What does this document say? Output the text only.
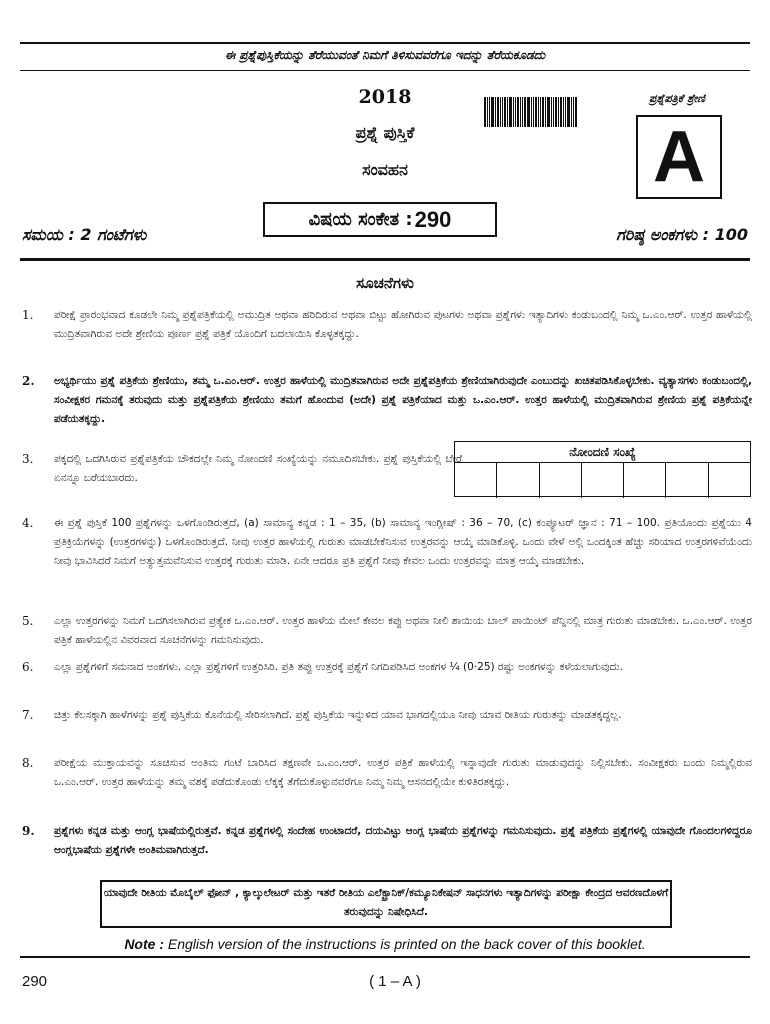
ಈ ಪ್ರಶ್ನೆಪುಸ್ತಿಕೆಯನ್ನು ತೆರೆಯುವಂತೆ ನಿಮಗೆ ತಿಳಿಸುವವರೆಗೂ ಇದನ್ನು ತೆರೆಯಕೂಡದು
2018
ಪ್ರಶ್ನೆ ಪುಸ್ತಿಕೆ
ಸಂವಹನ
ಪ್ರಶ್ನೆಪತ್ರಿಕೆ ಶ್ರೇಣಿ
A
ಸಮಯ : 2 ಗಂಟೆಗಳು
ವಿಷಯ ಸಂಕೇತ : 290
ಗರಿಷ್ಠ ಅಂಕಗಳು : 100
ಸೂಚನೆಗಳು
1. ಪರೀಕ್ಷೆ ಪ್ರಾರಂಭವಾದ ಕೂಡಲೇ ನಿಮ್ಮ ಪ್ರಶ್ನೆಪತ್ರಿಕೆಯಲ್ಲಿ ಅಮುದ್ರಿತ ಅಥವಾ ಹರಿದಿರುವ ಅಥವಾ ಬಿಟ್ಟು ಹೋಗಿರುವ ಪುಟಗಳು ಅಥವಾ ಪ್ರಶ್ನೆಗಳು ಇತ್ಯಾದಿಗಳು ಕಂಡುಬಂದಲ್ಲಿ ನಿಮ್ಮ ಒ.ಎಂ.ಆರ್. ಉತ್ತರ ಹಾಳೆಯಲ್ಲಿ ಮುದ್ರಿತವಾಗಿರುವ ಅದೇ ಶ್ರೇಣಿಯ ಪೂರ್ಣ ಪ್ರಶ್ನೆ ಪತ್ರಿಕೆ ಯೊಂದಿಗೆ ಬದಲಾಯಿಸಿ ಕೊಳ್ಳತಕ್ಕದ್ದು.
2. ಅಭ್ಯರ್ಥಿಯು ಪ್ರಶ್ನೆ ಪತ್ರಿಕೆಯ ಶ್ರೇಣಿಯು, ತಮ್ಮ ಒ.ಎಂ.ಆರ್. ಉತ್ತರ ಹಾಳೆಯಲ್ಲಿ ಮುದ್ರಿತವಾಗಿರುವ ಅದೇ ಪ್ರಶ್ನೆಪತ್ರಿಕೆಯ ಶ್ರೇಣಿಯಾಗಿರುವುದೇ ಎಂಬುದನ್ನು ಖಚಿತಪಡಿಸಿಕೊಳ್ಳಬೇಕು. ವ್ಯತ್ಯಾಸಗಳು ಕಂಡುಬಂದಲ್ಲಿ, ಸಂವೀಕ್ಷಕರ ಗಮನಕ್ಕೆ ತರುವುದು ಮತ್ತು ಪ್ರಶ್ನೆಪತ್ರಿಕೆಯ ಶ್ರೇಣಿಯು ತಮಗೆ ಹೊಂದುವ (ಅದೇ) ಪ್ರಶ್ನೆ ಪತ್ರಿಕೆಯಾದ ಮತ್ತು ಒ.ಎಂ.ಆರ್. ಉತ್ತರ ಹಾಳೆಯಲ್ಲಿ ಮುದ್ರಿತವಾಗಿರುವ ಶ್ರೇಣಿಯ ಪ್ರಶ್ನೆ ಪತ್ರಿಕೆಯನ್ನೇ ಪಡೆಯತಕ್ಕದ್ದು.
3. ಪಕ್ಕದಲ್ಲಿ ಒದಗಿಸಿರುವ ಪ್ರಶ್ನೆಪತ್ರಿಕೆಯ ಚೌಕದಲ್ಲೇ ನಿಮ್ಮ ನೋಂದಣಿ ಸಂಖ್ಯೆಯನ್ನು ನಮೂದಿಸಬೇಕು. ಪ್ರಶ್ನೆ ಪುಸ್ತಿಕೆಯಲ್ಲಿ ಬೇರೆ ಏನನ್ನೂ ಬರೆಯಬಾರದು.
ನೋಂದಣಿ ಸಂಖ್ಯೆ
4. ಈ ಪ್ರಶ್ನೆ ಪುಸ್ತಿಕೆ 100 ಪ್ರಶ್ನೆಗಳನ್ನು ಒಳಗೊಂಡಿರುತ್ತದೆ, (a) ಸಾಮಾನ್ಯ ಕನ್ನಡ : 1 – 35, (b) ಸಾಮಾನ್ಯ ಇಂಗ್ಲೀಷ್ : 36 – 70, (c) ಕಂಪ್ಯೂಟರ್ ಜ್ಞಾನ : 71 – 100. ಪ್ರತಿಯೊಂದು ಪ್ರಶ್ನೆಯು 4 ಪ್ರತಿಕ್ರಿಯೆಗಳನ್ನು (ಉತ್ತರಗಳನ್ನು) ಒಳಗೊಂಡಿರುತ್ತದೆ. ನೀವು ಉತ್ತರ ಹಾಳೆಯಲ್ಲಿ ಗುರುತು ಮಾಡಬೇಕೆನಿಸುವ ಉತ್ತರವನ್ನು ಆಯ್ಕೆ ಮಾಡಿಕೊಳ್ಳಿ. ಒಂದು ವೇಳೆ ಅಲ್ಲಿ ಒಂದಕ್ಕಿಂತ ಹೆಚ್ಚು ಸರಿಯಾದ ಉತ್ತರಗಳಿವೆಯೆಂದು ನೀವು ಭಾವಿಸಿದರೆ ನಿಮಗೆ ಅತ್ಯುತ್ತಮವೆನಿಸುವ ಉತ್ತರಕ್ಕೆ ಗುರುತು ಮಾಡಿ. ಏನೇ ಆದರೂ ಪ್ರತಿ ಪ್ರಶ್ನೆಗೆ ನೀವು ಕೇವಲ ಒಂದು ಉತ್ತರವನ್ನು ಮಾತ್ರ ಆಯ್ಕೆ ಮಾಡಬೇಕು.
5. ಎಲ್ಲಾ ಉತ್ತರಗಳನ್ನು ನಿಮಗೆ ಒದಗಿಸಲಾಗಿರುವ ಪ್ರತ್ಯೇಕ ಒ.ಎಂ.ಆರ್. ಉತ್ತರ ಹಾಳೆಯ ಮೇಲೆ ಕೇವಲ ಕಪ್ಪು ಅಥವಾ ನೀಲಿ ಶಾಯಿಯ ಬಾಲ್ ಪಾಯಿಂಟ್ ಪೆನ್ನಿನಲ್ಲಿ ಮಾತ್ರ ಗುರುತು ಮಾಡಬೇಕು. ಒ.ಎಂ.ಆರ್. ಉತ್ತರ ಪತ್ರಿಕೆ ಹಾಳೆಯಲ್ಲಿನ ವಿವರವಾದ ಸೂಚನೆಗಳನ್ನು ಗಮನಿಸುವುದು.
6. ಎಲ್ಲಾ ಪ್ರಶ್ನೆಗಳಿಗೆ ಸಮನಾದ ಅಂಕಗಳು. ಎಲ್ಲಾ ಪ್ರಶ್ನೆಗಳಿಗೆ ಉತ್ತರಿಸಿರಿ. ಪ್ರತಿ ತಪ್ಪು ಉತ್ತರಕ್ಕೆ ಪ್ರಶ್ನೆಗೆ ನಿಗದಿಪಡಿಸಿದ ಅಂಕಗಳ ¼ (0·25) ರಷ್ಟು ಅಂಕಗಳನ್ನು ಕಳೆಯಲಾಗುವುದು.
7. ಚಿತ್ತು ಕೆಲಸಕ್ಕಾಗಿ ಹಾಳೆಗಳನ್ನು ಪ್ರಶ್ನೆ ಪುಸ್ತಿಕೆಯ ಕೊನೆಯಲ್ಲಿ ಸೇರಿಸಲಾಗಿದೆ. ಪ್ರಶ್ನೆ ಪುಸ್ತಿಕೆಯ ಇನ್ನುಳಿದ ಯಾವ ಭಾಗದಲ್ಲಿಯೂ ನೀವು ಯಾವ ರೀತಿಯ ಗುರುತನ್ನು ಮಾಡತಕ್ಕದ್ದಲ್ಲ.
8. ಪರೀಕ್ಷೆಯ ಮುಕ್ತಾಯವನ್ನು ಸೂಚಿಸುವ ಅಂತಿಮ ಗಂಟೆ ಬಾರಿಸಿದ ತಕ್ಷಣವೇ ಒ.ಎಂ.ಆರ್. ಉತ್ತರ ಪತ್ರಿಕೆ ಹಾಳೆಯಲ್ಲಿ ಇನ್ನಾವುದೇ ಗುರುತು ಮಾಡುವುದನ್ನು ನಿಲ್ಲಿಸಬೇಕು. ಸಂವೀಕ್ಷಕರು ಬಂದು ನಿಮ್ಮಲ್ಲಿರುವ ಒ.ಎಂ.ಆರ್. ಉತ್ತರ ಹಾಳೆಯನ್ನು ತಮ್ಮ ವಶಕ್ಕೆ ಪಡೆದುಕೊಂಡು ಲೆಕ್ಕಕ್ಕೆ ತೆಗೆದುಕೊಳ್ಳುವವರೆಗೂ ನಿಮ್ಮ ನಿಮ್ಮ ಆಸನದಲ್ಲಿಯೇ ಕುಳಿತಿರತಕ್ಕದ್ದು.
9. ಪ್ರಶ್ನೆಗಳು ಕನ್ನಡ ಮತ್ತು ಆಂಗ್ಲ ಭಾಷೆಯಲ್ಲಿರುತ್ತವೆ. ಕನ್ನಡ ಪ್ರಶ್ನೆಗಳಲ್ಲಿ ಸಂದೇಹ ಉಂಟಾದರೆ, ದಯವಿಟ್ಟು ಆಂಗ್ಲ ಭಾಷೆಯ ಪ್ರಶ್ನೆಗಳನ್ನು ಗಮನಿಸುವುದು. ಪ್ರಶ್ನೆ ಪತ್ರಿಕೆಯ ಪ್ರಶ್ನೆಗಳಲ್ಲಿ ಯಾವುದೇ ಗೊಂದಲಗಳಿದ್ದರೂ ಆಂಗ್ಲಭಾಷೆಯ ಪ್ರಶ್ನೆಗಳೇ ಅಂತಿಮವಾಗಿರುತ್ತದೆ.
ಯಾವುದೇ ರೀತಿಯ ಮೊಬೈಲ್ ಫೋನ್ , ಕ್ಯಾಲ್ಕುಲೇಟರ್ ಮತ್ತು ಇತರೆ ರೀತಿಯ ಎಲೆಕ್ಟ್ರಾನಿಕ್/ಕಮ್ಯೂನಿಕೇಷನ್ ಸಾಧನಗಳು ಇತ್ಯಾದಿಗಳನ್ನು ಪರೀಕ್ಷಾ ಕೇಂದ್ರದ ಆವರಣದೊಳಗೆ ತರುವುದನ್ನು ನಿಷೇಧಿಸಿದೆ.
Note : English version of the instructions is printed on the back cover of this booklet.
290	( 1 – A )
